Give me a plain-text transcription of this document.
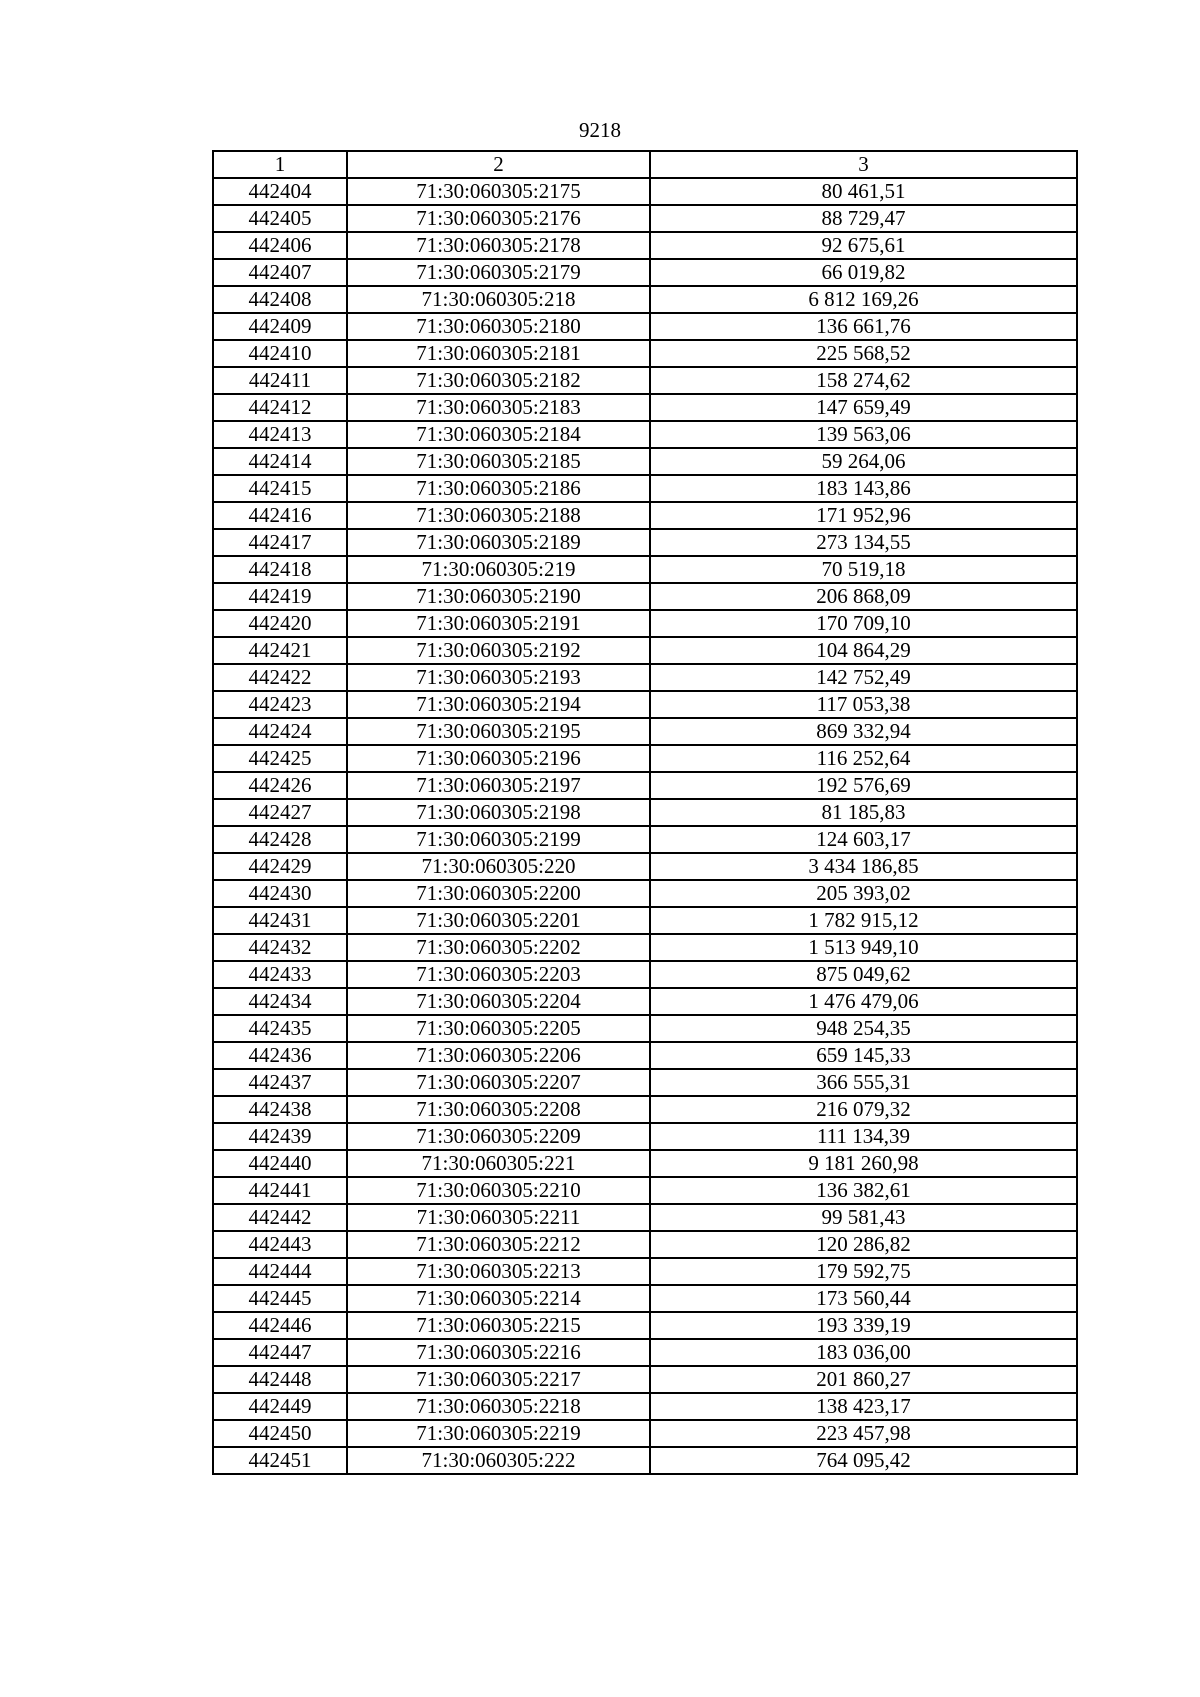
9218
1	2	3
442404	71:30:060305:2175	80 461,51
442405	71:30:060305:2176	88 729,47
442406	71:30:060305:2178	92 675,61
442407	71:30:060305:2179	66 019,82
442408	71:30:060305:218	6 812 169,26
442409	71:30:060305:2180	136 661,76
442410	71:30:060305:2181	225 568,52
442411	71:30:060305:2182	158 274,62
442412	71:30:060305:2183	147 659,49
442413	71:30:060305:2184	139 563,06
442414	71:30:060305:2185	59 264,06
442415	71:30:060305:2186	183 143,86
442416	71:30:060305:2188	171 952,96
442417	71:30:060305:2189	273 134,55
442418	71:30:060305:219	70 519,18
442419	71:30:060305:2190	206 868,09
442420	71:30:060305:2191	170 709,10
442421	71:30:060305:2192	104 864,29
442422	71:30:060305:2193	142 752,49
442423	71:30:060305:2194	117 053,38
442424	71:30:060305:2195	869 332,94
442425	71:30:060305:2196	116 252,64
442426	71:30:060305:2197	192 576,69
442427	71:30:060305:2198	81 185,83
442428	71:30:060305:2199	124 603,17
442429	71:30:060305:220	3 434 186,85
442430	71:30:060305:2200	205 393,02
442431	71:30:060305:2201	1 782 915,12
442432	71:30:060305:2202	1 513 949,10
442433	71:30:060305:2203	875 049,62
442434	71:30:060305:2204	1 476 479,06
442435	71:30:060305:2205	948 254,35
442436	71:30:060305:2206	659 145,33
442437	71:30:060305:2207	366 555,31
442438	71:30:060305:2208	216 079,32
442439	71:30:060305:2209	111 134,39
442440	71:30:060305:221	9 181 260,98
442441	71:30:060305:2210	136 382,61
442442	71:30:060305:2211	99 581,43
442443	71:30:060305:2212	120 286,82
442444	71:30:060305:2213	179 592,75
442445	71:30:060305:2214	173 560,44
442446	71:30:060305:2215	193 339,19
442447	71:30:060305:2216	183 036,00
442448	71:30:060305:2217	201 860,27
442449	71:30:060305:2218	138 423,17
442450	71:30:060305:2219	223 457,98
442451	71:30:060305:222	764 095,42
